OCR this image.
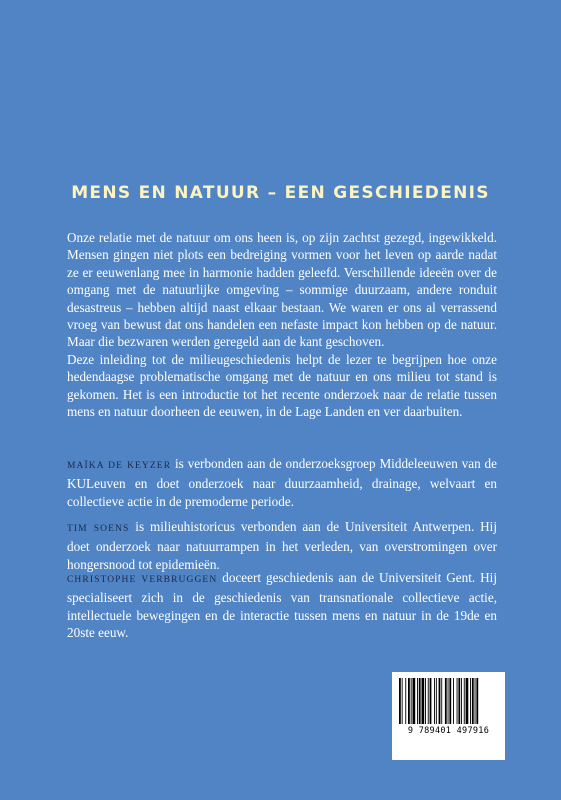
MENS EN NATUUR – EEN GESCHIEDENIS

Onze relatie met de natuur om ons heen is, op zijn zachtst gezegd, ingewikkeld. Mensen gingen niet plots een bedreiging vormen voor het leven op aarde nadat ze er eeuwenlang mee in harmonie hadden geleefd. Verschillende ideeën over de omgang met de natuurlijke omgeving – sommige duurzaam, andere ronduit desastreus – hebben altijd naast elkaar bestaan. We waren er ons al verrassend vroeg van bewust dat ons handelen een nefaste impact kon hebben op de natuur. Maar die bezwaren werden geregeld aan de kant geschoven.

Deze inleiding tot de milieugeschiedenis helpt de lezer te begrijpen hoe onze hedendaagse problematische omgang met de natuur en ons milieu tot stand is gekomen. Het is een introductie tot het recente onderzoek naar de relatie tussen mens en natuur doorheen de eeuwen, in de Lage Landen en ver daarbuiten.

MAÏKA DE KEYZER is verbonden aan de onderzoeksgroep Middeleeuwen van de KULeuven en doet onderzoek naar duurzaamheid, drainage, welvaart en collectieve actie in de premoderne periode.
TIM SOENS is milieuhistoricus verbonden aan de Universiteit Antwerpen. Hij doet onderzoek naar natuurrampen in het verleden, van overstromingen over hongersnood tot epidemieën.
CHRISTOPHE VERBRUGGEN doceert geschiedenis aan de Universiteit Gent. Hij specialiseert zich in de geschiedenis van transnationale collectieve actie, intellectuele bewegingen en de interactie tussen mens en natuur in de 19de en 20ste eeuw.
9 789401 497916
